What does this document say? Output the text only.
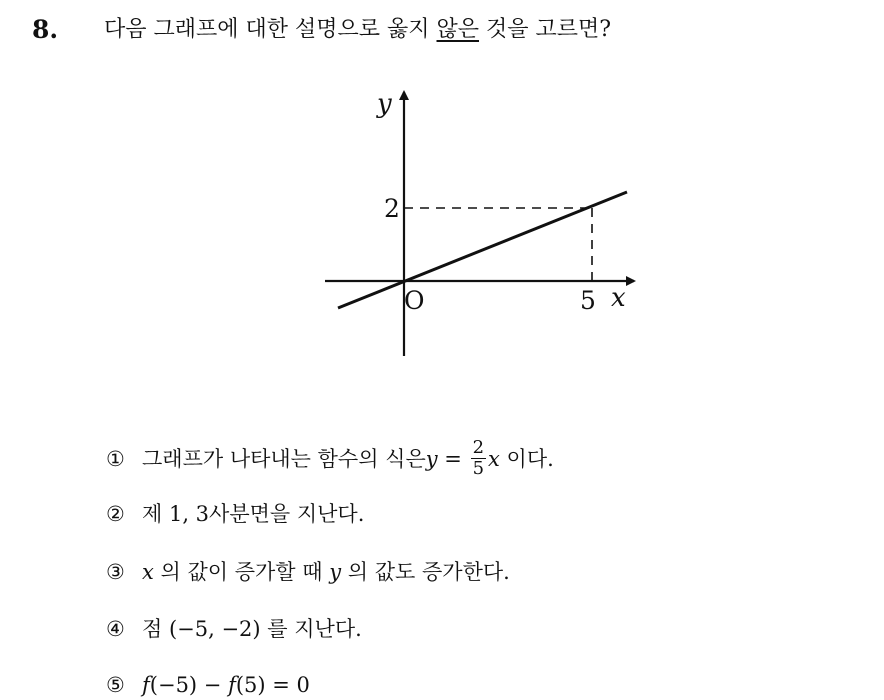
8. 다음 그래프에 대한 설명으로 옳지 않은 것을 고르면?
y
x
O
2
5
① 그래프가 나타내는 함수의 식은 $y = \frac{2}{5}$ x 이다.
② 제 1, 3사분면을 지난다.
③ x 의 값이 증가할 때 y 의 값도 증가한다.
④ 점 (−5, −2) 를 지난다.
⑤ f (−5) − f (5) = 0
